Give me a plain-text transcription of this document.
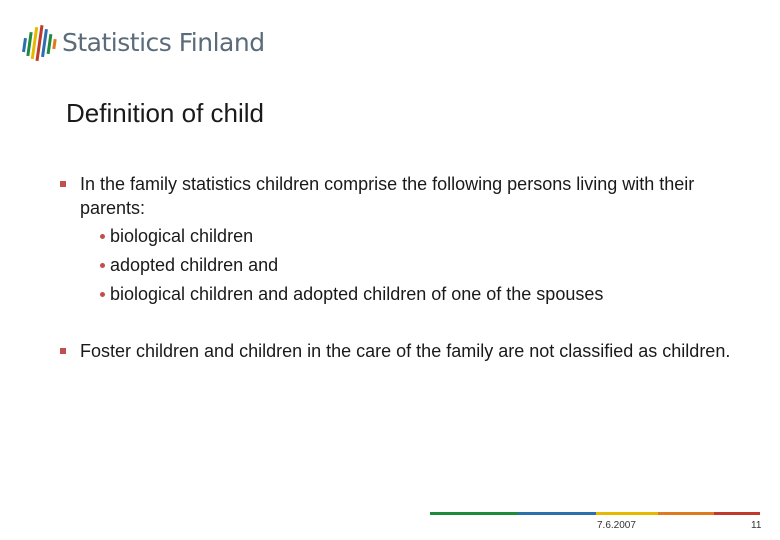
Statistics Finland
Definition of child
In the family statistics children comprise the following persons living with their parents:
biological children
adopted children and
biological children and adopted children of one of the spouses
Foster children and children in the care of the family are not classified as children.
7.6.2007	11
